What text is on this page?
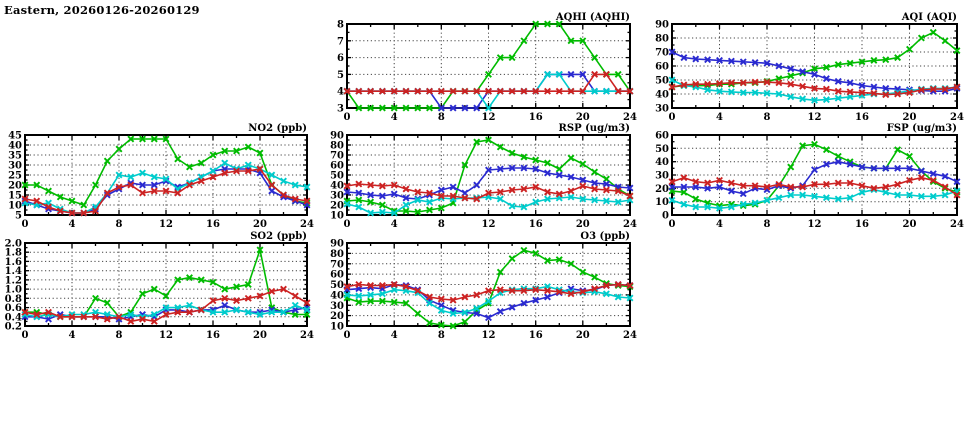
Eastern, 20260126-20260129
0	4	8	12	16	20	24
3
4
5
6
7
8
AQHI (AQHI)
0	4	8	12	16	20	24
30
40
50
60
70
80
90
AQI (AQI)
0	4	8	12	16	20	24
5
10
15
20
25
30
35
40
45
NO2 (ppb)
0	4	8	12	16	20	24
10
20
30
40
50
60
70
80
90
RSP (ug/m3)
0	4	8	12	16	20	24
0
10
20
30
40
50
60
FSP (ug/m3)
0	4	8	12	16	20	24
0.2
0.4
0.6
0.8
1.0
1.2
1.4
1.6
1.8
2.0
SO2 (ppb)
0	4	8	12	16	20	24
10
20
30
40
50
60
70
80
90
O3 (ppb)
